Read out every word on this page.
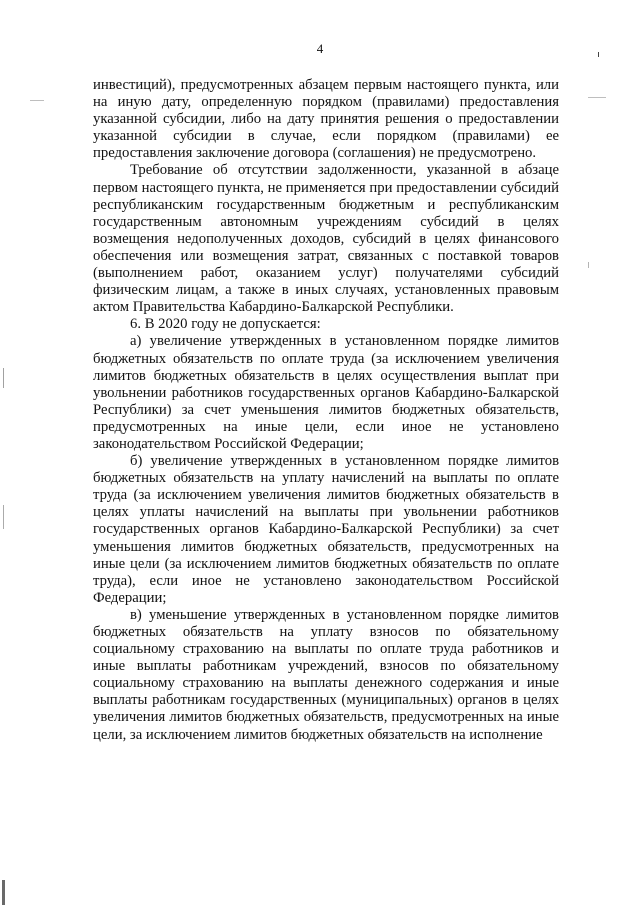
4

инвестиций), предусмотренных абзацем первым настоящего пункта, или на иную дату, определенную порядком (правилами) предоставления указанной субсидии, либо на дату принятия решения о предоставлении указанной субсидии в случае, если порядком (правилами) ее предоставления заключение договора (соглашения) не предусмотрено.

Требование об отсутствии задолженности, указанной в абзаце первом настоящего пункта, не применяется при предоставлении субсидий республиканским государственным бюджетным и республиканским государственным автономным учреждениям субсидий в целях возмещения недополученных доходов, субсидий в целях финансового обеспечения или возмещения затрат, связанных с поставкой товаров (выполнением работ, оказанием услуг) получателями субсидий физическим лицам, а также в иных случаях, установленных правовым актом Правительства Кабардино-Балкарской Республики.

6. В 2020 году не допускается:

а) увеличение утвержденных в установленном порядке лимитов бюджетных обязательств по оплате труда (за исключением увеличения лимитов бюджетных обязательств в целях осуществления выплат при увольнении работников государственных органов Кабардино-Балкарской Республики) за счет уменьшения лимитов бюджетных обязательств, предусмотренных на иные цели, если иное не установлено законодательством Российской Федерации;

б) увеличение утвержденных в установленном порядке лимитов бюджетных обязательств на уплату начислений на выплаты по оплате труда (за исключением увеличения лимитов бюджетных обязательств в целях уплаты начислений на выплаты при увольнении работников государственных органов Кабардино-Балкарской Республики) за счет уменьшения лимитов бюджетных обязательств, предусмотренных на иные цели (за исключением лимитов бюджетных обязательств по оплате труда), если иное не установлено законодательством Российской Федерации;

в) уменьшение утвержденных в установленном порядке лимитов бюджетных обязательств на уплату взносов по обязательному социальному страхованию на выплаты по оплате труда работников и иные выплаты работникам учреждений, взносов по обязательному социальному страхованию на выплаты денежного содержания и иные выплаты работникам государственных (муниципальных) органов в целях увеличения лимитов бюджетных обязательств, предусмотренных на иные цели, за исключением лимитов бюджетных обязательств на исполнение
